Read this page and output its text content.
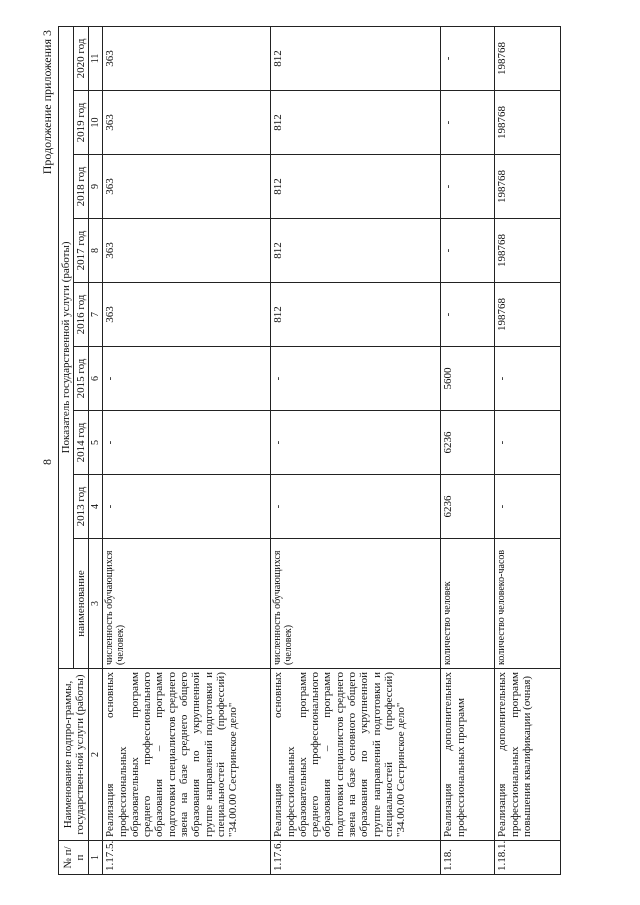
8
Продолжение приложения 3
№ п/п	Наименование подпро-граммы, государствен-ной услуги (работы)	Показатель государственной услуги (работы)								
		наименование	2013 год	2014 год	2015 год	2016 год	2017 год	2018 год	2019 год	2020 год
1	2	3	4	5	6	7	8	9	10	11
1.17.5.	Реализация основных профессиональных образовательных программ среднего профессионального образования – программ подготовки специалистов среднего звена на базе среднего общего образования по укрупненной группе направлений подготовки и специальностей (профессий) "34.00.00 Сестринское дело"	численность обучающихся (человек)	-	-	-	363	363	363	363	363
1.17.6.	Реализация основных профессиональных образовательных программ среднего профессионального образования – программ подготовки специалистов среднего звена на базе основного общего образования по укрупненной группе направлений подготовки и специальностей (профессий) "34.00.00 Сестринское дело"	численность обучающихся (человек)	-	-	-	812	812	812	812	812
1.18.	Реализация дополнительных профессиональных программ	количество человек	6236	6236	5600	-	-	-	-	-
1.18.1.	Реализация дополнительных профессиональных программ повышения квалификации (очная)	количество человеко-часов	-	-	-	198768	198768	198768	198768	198768
